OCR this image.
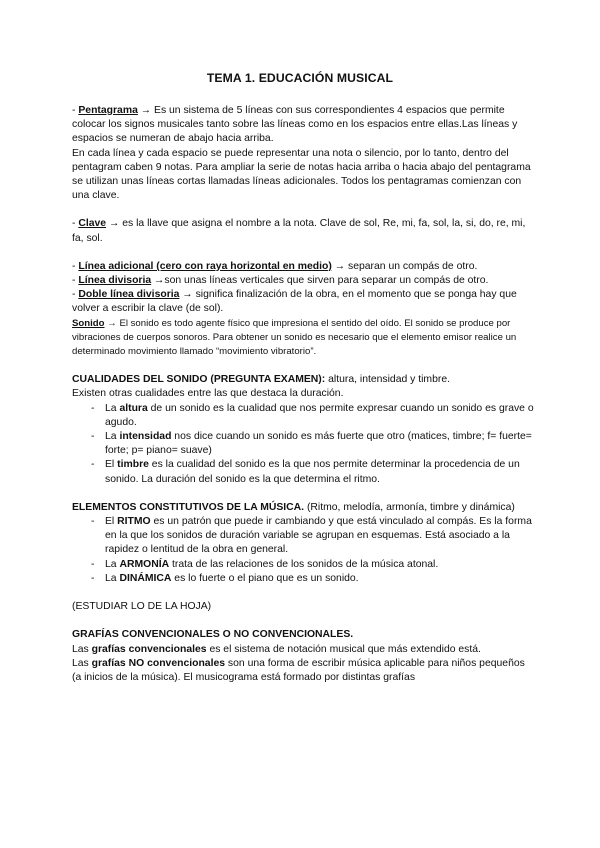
TEMA 1. EDUCACIÓN MUSICAL

- Pentagrama → Es un sistema de 5 líneas con sus correspondientes 4 espacios que permite colocar los signos musicales tanto sobre las líneas como en los espacios entre ellas.Las líneas y espacios se numeran de abajo hacia arriba.

En cada línea y cada espacio se puede representar una nota o silencio, por lo tanto, dentro del pentagram caben 9 notas. Para ampliar la serie de notas hacia arriba o hacia abajo del pentagrama se utilizan unas líneas cortas llamadas líneas adicionales. Todos los pentagramas comienzan con una clave.

- Clave → es la llave que asigna el nombre a la nota. Clave de sol, Re, mi, fa, sol, la, si, do, re, mi, fa, sol.

- Línea adicional (cero con raya horizontal en medio) → separan un compás de otro.

- Línea divisoria →son unas líneas verticales que sirven para separar un compás de otro.

- Doble línea divisoria → significa finalización de la obra, en el momento que se ponga hay que volver a escribir la clave (de sol).

Sonido → El sonido es todo agente físico que impresiona el sentido del oído. El sonido se produce por vibraciones de cuerpos sonoros. Para obtener un sonido es necesario que el elemento emisor realice un determinado movimiento llamado “movimiento vibratorio”.

CUALIDADES DEL SONIDO (PREGUNTA EXAMEN): altura, intensidad y timbre.

Existen otras cualidades entre las que destaca la duración.

- La altura de un sonido es la cualidad que nos permite expresar cuando un sonido es grave o agudo.
- La intensidad nos dice cuando un sonido es más fuerte que otro (matices, timbre; f= fuerte= forte; p= piano= suave)
- El timbre es la cualidad del sonido es la que nos permite determinar la procedencia de un sonido. La duración del sonido es la que determina el ritmo.

ELEMENTOS CONSTITUTIVOS DE LA MÚSICA. (Ritmo, melodía, armonía, timbre y dinámica)

- El RITMO es un patrón que puede ir cambiando y que está vinculado al compás. Es la forma en la que los sonidos de duración variable se agrupan en esquemas. Está asociado a la rapidez o lentitud de la obra en general.
- La ARMONÍA trata de las relaciones de los sonidos de la música atonal.
- La DINÁMICA es lo fuerte o el piano que es un sonido.

(ESTUDIAR LO DE LA HOJA)

GRAFÍAS CONVENCIONALES O NO CONVENCIONALES.

Las grafías convencionales es el sistema de notación musical que más extendido está.

Las grafías NO convencionales son una forma de escribir música aplicable para niños pequeños (a inicios de la música). El musicograma está formado por distintas grafías
